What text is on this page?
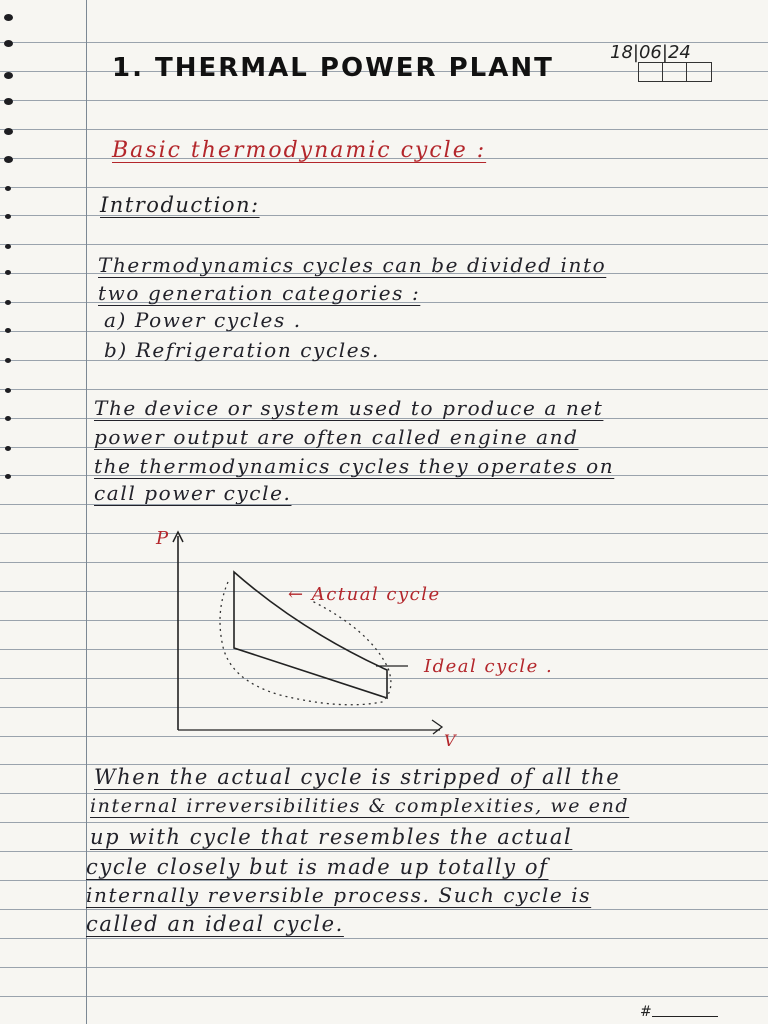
18|06|24
1. THERMAL POWER PLANT
Basic thermodynamic cycle :
Introduction:
Thermodynamics cycles can be divided into
two generation categories :
a) Power cycles .
b) Refrigeration cycles.
The device or system used to produce a net
power output are often called engine and
the thermodynamics cycles they operates on
call power cycle.
P
V
← Actual cycle
Ideal cycle .
When the actual cycle is stripped of all the
internal irreversibilities & complexities, we end
up with cycle that resembles the actual
cycle closely but is made up totally of
internally reversible process. Such cycle is
called an ideal cycle.
#
